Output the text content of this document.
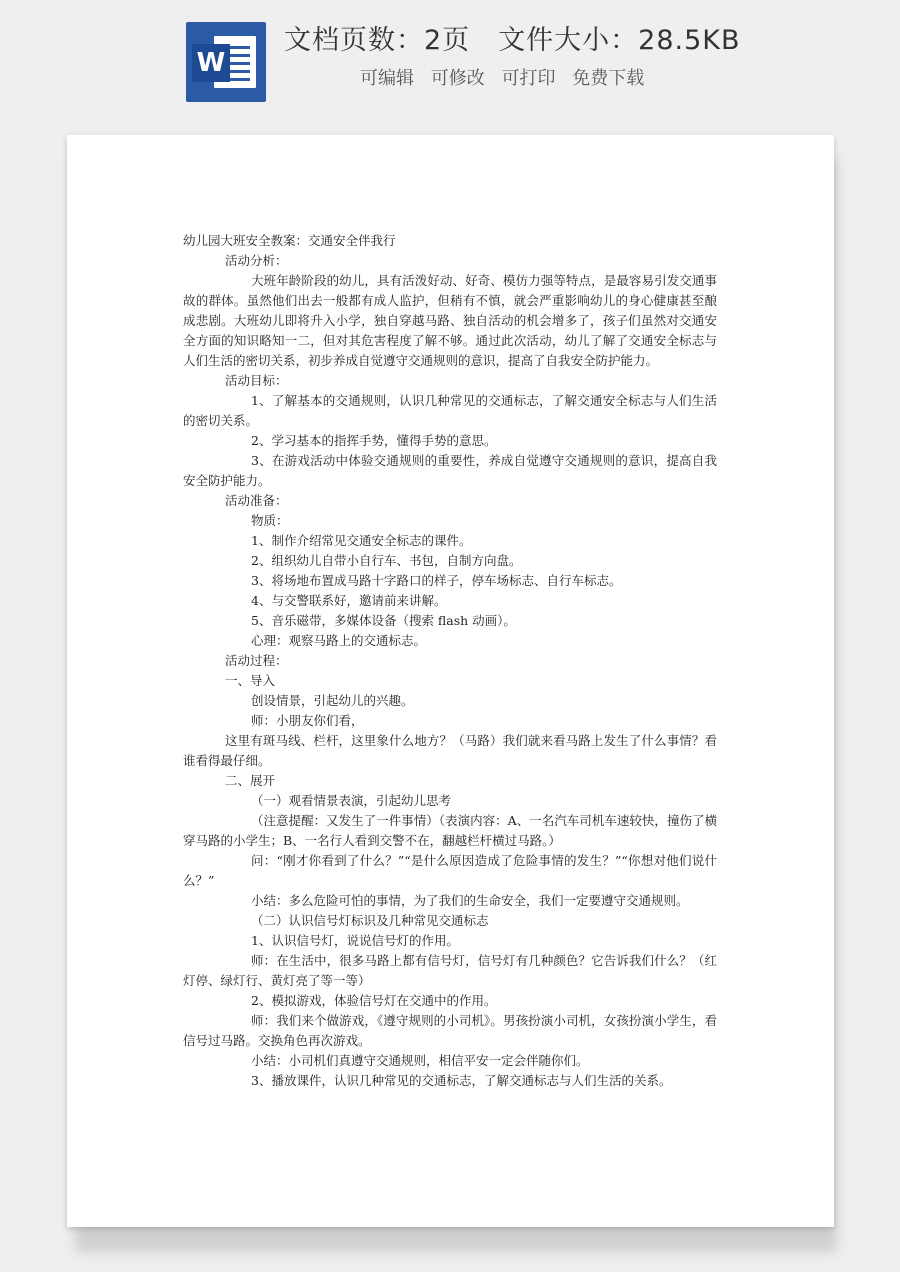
W
文档页数：2页 文件大小：28.5KB
可编辑 可修改 可打印 免费下载

幼儿园大班安全教案：交通安全伴我行

活动分析：

大班年龄阶段的幼儿，具有活泼好动、好奇、模仿力强等特点，是最容易引发交通事故的群体。虽然他们出去一般都有成人监护，但稍有不慎，就会严重影响幼儿的身心健康甚至酿成悲剧。大班幼儿即将升入小学，独自穿越马路、独自活动的机会增多了，孩子们虽然对交通安全方面的知识略知一二，但对其危害程度了解不够。通过此次活动，幼儿了解了交通安全标志与人们生活的密切关系，初步养成自觉遵守交通规则的意识，提高了自我安全防护能力。

活动目标：

1、了解基本的交通规则，认识几种常见的交通标志，了解交通安全标志与人们生活的密切关系。

2、学习基本的指挥手势，懂得手势的意思。

3、在游戏活动中体验交通规则的重要性，养成自觉遵守交通规则的意识，提高自我安全防护能力。

活动准备：

物质：

1、制作介绍常见交通安全标志的课件。

2、组织幼儿自带小自行车、书包，自制方向盘。

3、将场地布置成马路十字路口的样子，停车场标志、自行车标志。

4、与交警联系好，邀请前来讲解。

5、音乐磁带，多媒体设备（搜索 flash 动画）。

心理：观察马路上的交通标志。

活动过程：

一、导入

创设情景，引起幼儿的兴趣。

师：小朋友你们看，

这里有斑马线、栏杆，这里象什么地方？（马路）我们就来看马路上发生了什么事情？看谁看得最仔细。

二、展开

（一）观看情景表演，引起幼儿思考

（注意提醒：又发生了一件事情）（表演内容：A、一名汽车司机车速较快，撞伤了横穿马路的小学生；B、一名行人看到交警不在，翻越栏杆横过马路。）

问：“刚才你看到了什么？”“是什么原因造成了危险事情的发生？”“你想对他们说什么？”

小结：多么危险可怕的事情，为了我们的生命安全，我们一定要遵守交通规则。

（二）认识信号灯标识及几种常见交通标志

1、认识信号灯，说说信号灯的作用。

师：在生活中，很多马路上都有信号灯，信号灯有几种颜色？它告诉我们什么？（红灯停、绿灯行、黄灯亮了等一等）

2、模拟游戏，体验信号灯在交通中的作用。

师：我们来个做游戏，《遵守规则的小司机》。男孩扮演小司机，女孩扮演小学生，看信号过马路。交换角色再次游戏。

小结：小司机们真遵守交通规则，相信平安一定会伴随你们。

3、播放课件，认识几种常见的交通标志，了解交通标志与人们生活的关系。
